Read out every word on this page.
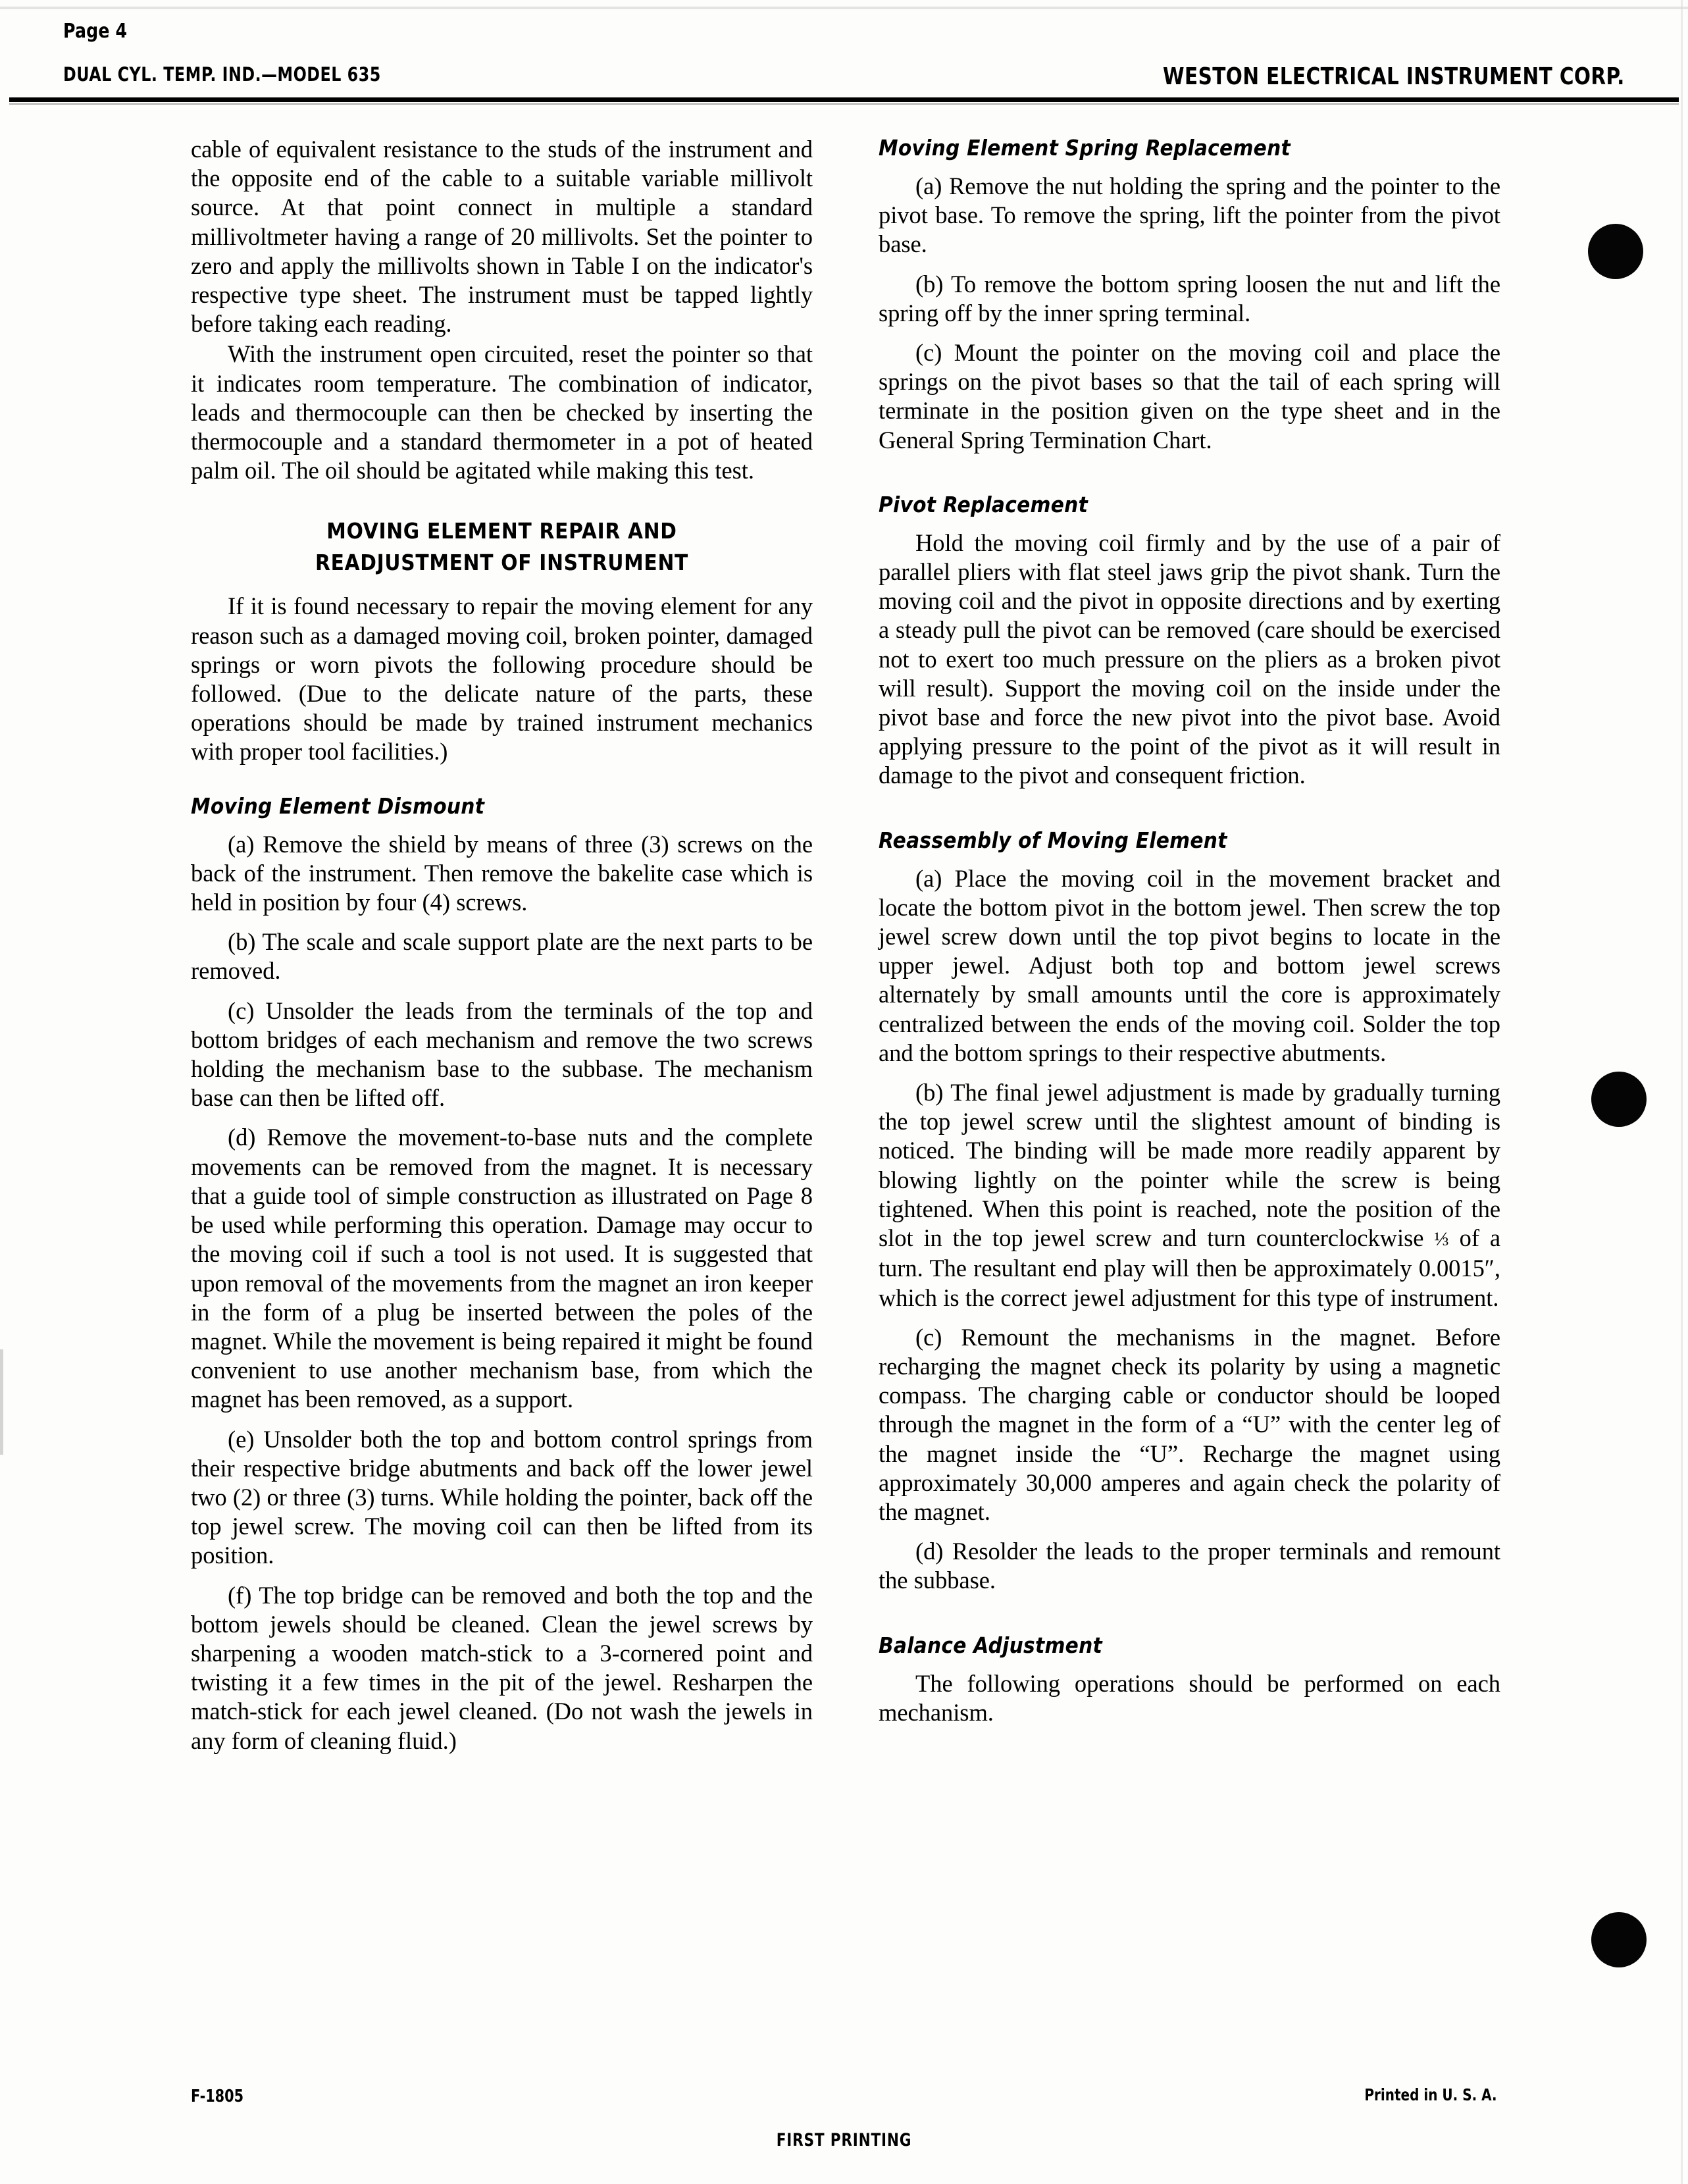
Page 4
DUAL CYL. TEMP. IND.—MODEL 635	WESTON ELECTRICAL INSTRUMENT CORP.

cable of equivalent resistance to the studs of the instrument and the opposite end of the cable to a suitable variable millivolt source. At that point connect in multiple a standard millivoltmeter having a range of 20 millivolts. Set the pointer to zero and apply the millivolts shown in Table I on the indicator's respective type sheet. The instrument must be tapped lightly before taking each reading.

With the instrument open circuited, reset the pointer so that it indicates room temperature. The combination of indicator, leads and thermocouple can then be checked by inserting the thermocouple and a standard thermometer in a pot of heated palm oil. The oil should be agitated while making this test.

MOVING ELEMENT REPAIR AND
READJUSTMENT OF INSTRUMENT

If it is found necessary to repair the moving element for any reason such as a damaged moving coil, broken pointer, damaged springs or worn pivots the following procedure should be followed. (Due to the delicate nature of the parts, these operations should be made by trained instrument mechanics with proper tool facilities.)

Moving Element Dismount

(a) Remove the shield by means of three (3) screws on the back of the instrument. Then remove the bakelite case which is held in position by four (4) screws.

(b) The scale and scale support plate are the next parts to be removed.

(c) Unsolder the leads from the terminals of the top and bottom bridges of each mechanism and remove the two screws holding the mechanism base to the subbase. The mechanism base can then be lifted off.

(d) Remove the movement-to-base nuts and the complete movements can be removed from the magnet. It is necessary that a guide tool of simple construction as illustrated on Page 8 be used while performing this operation. Damage may occur to the moving coil if such a tool is not used. It is suggested that upon removal of the movements from the magnet an iron keeper in the form of a plug be inserted between the poles of the magnet. While the movement is being repaired it might be found convenient to use another mechanism base, from which the magnet has been removed, as a support.

(e) Unsolder both the top and bottom control springs from their respective bridge abutments and back off the lower jewel two (2) or three (3) turns. While holding the pointer, back off the top jewel screw. The moving coil can then be lifted from its position.

(f) The top bridge can be removed and both the top and the bottom jewels should be cleaned. Clean the jewel screws by sharpening a wooden match-stick to a 3-cornered point and twisting it a few times in the pit of the jewel. Resharpen the match-stick for each jewel cleaned. (Do not wash the jewels in any form of cleaning fluid.)

Moving Element Spring Replacement

(a) Remove the nut holding the spring and the pointer to the pivot base. To remove the spring, lift the pointer from the pivot base.

(b) To remove the bottom spring loosen the nut and lift the spring off by the inner spring terminal.

(c) Mount the pointer on the moving coil and place the springs on the pivot bases so that the tail of each spring will terminate in the position given on the type sheet and in the General Spring Termination Chart.

Pivot Replacement

Hold the moving coil firmly and by the use of a pair of parallel pliers with flat steel jaws grip the pivot shank. Turn the moving coil and the pivot in opposite directions and by exerting a steady pull the pivot can be removed (care should be exercised not to exert too much pressure on the pliers as a broken pivot will result). Support the moving coil on the inside under the pivot base and force the new pivot into the pivot base. Avoid applying pressure to the point of the pivot as it will result in damage to the pivot and consequent friction.

Reassembly of Moving Element

(a) Place the moving coil in the movement bracket and locate the bottom pivot in the bottom jewel. Then screw the top jewel screw down until the top pivot begins to locate in the upper jewel. Adjust both top and bottom jewel screws alternately by small amounts until the core is approximately centralized between the ends of the moving coil. Solder the top and the bottom springs to their respective abutments.

(b) The final jewel adjustment is made by gradually turning the top jewel screw until the slightest amount of binding is noticed. The binding will be made more readily apparent by blowing lightly on the pointer while the screw is being tightened. When this point is reached, note the position of the slot in the top jewel screw and turn counterclockwise ⅓ of a turn. The resultant end play will then be approximately 0.0015″, which is the correct jewel adjustment for this type of instrument.

(c) Remount the mechanisms in the magnet. Before recharging the magnet check its polarity by using a magnetic compass. The charging cable or conductor should be looped through the magnet in the form of a “U” with the center leg of the magnet inside the “U”. Recharge the magnet using approximately 30,000 amperes and again check the polarity of the magnet.

(d) Resolder the leads to the proper terminals and remount the subbase.

Balance Adjustment

The following operations should be performed on each mechanism.

F-1805	Printed in U. S. A.
FIRST PRINTING
